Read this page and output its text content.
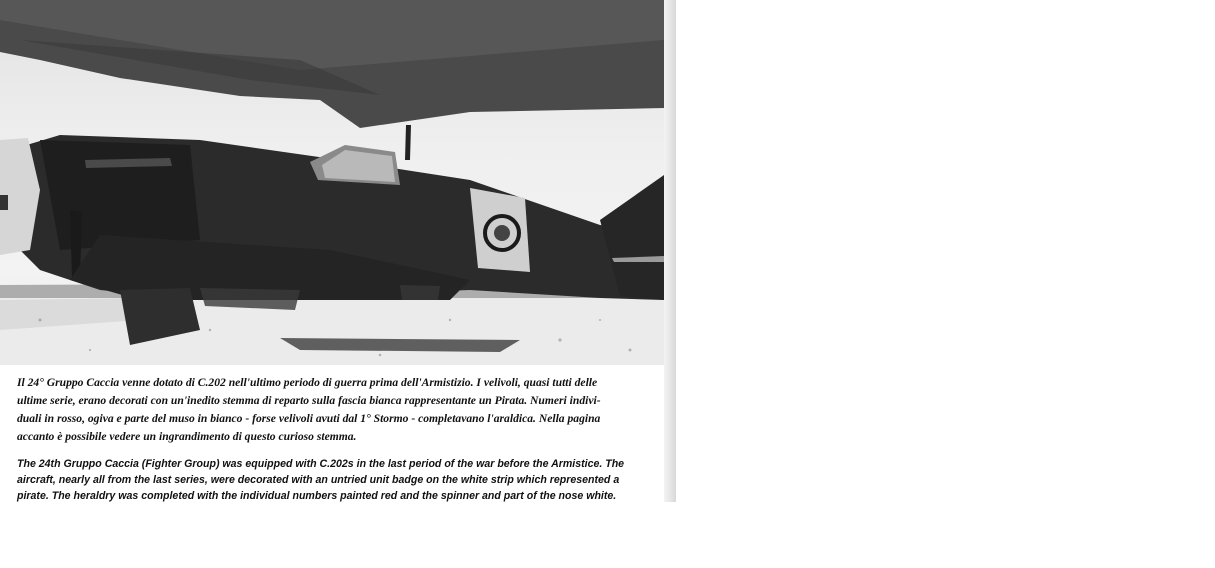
Il 24° Gruppo Caccia venne dotato di C.202 nell'ultimo periodo di guerra prima dell'Armistizio. I velivoli, quasi tutti delle
ultime serie, erano decorati con un'inedito stemma di reparto sulla fascia bianca rappresentante un Pirata. Numeri indivi-
duali in rosso, ogiva e parte del muso in bianco - forse velivoli avuti dal 1° Stormo - completavano l'araldica. Nella pagina
accanto è possibile vedere un ingrandimento di questo curioso stemma.
The 24th Gruppo Caccia (Fighter Group) was equipped with C.202s in the last period of the war before the Armistice. The
aircraft, nearly all from the last series, were decorated with an untried unit badge on the white strip which represented a
pirate. The heraldry was completed with the individual numbers painted red and the spinner and part of the nose white.
